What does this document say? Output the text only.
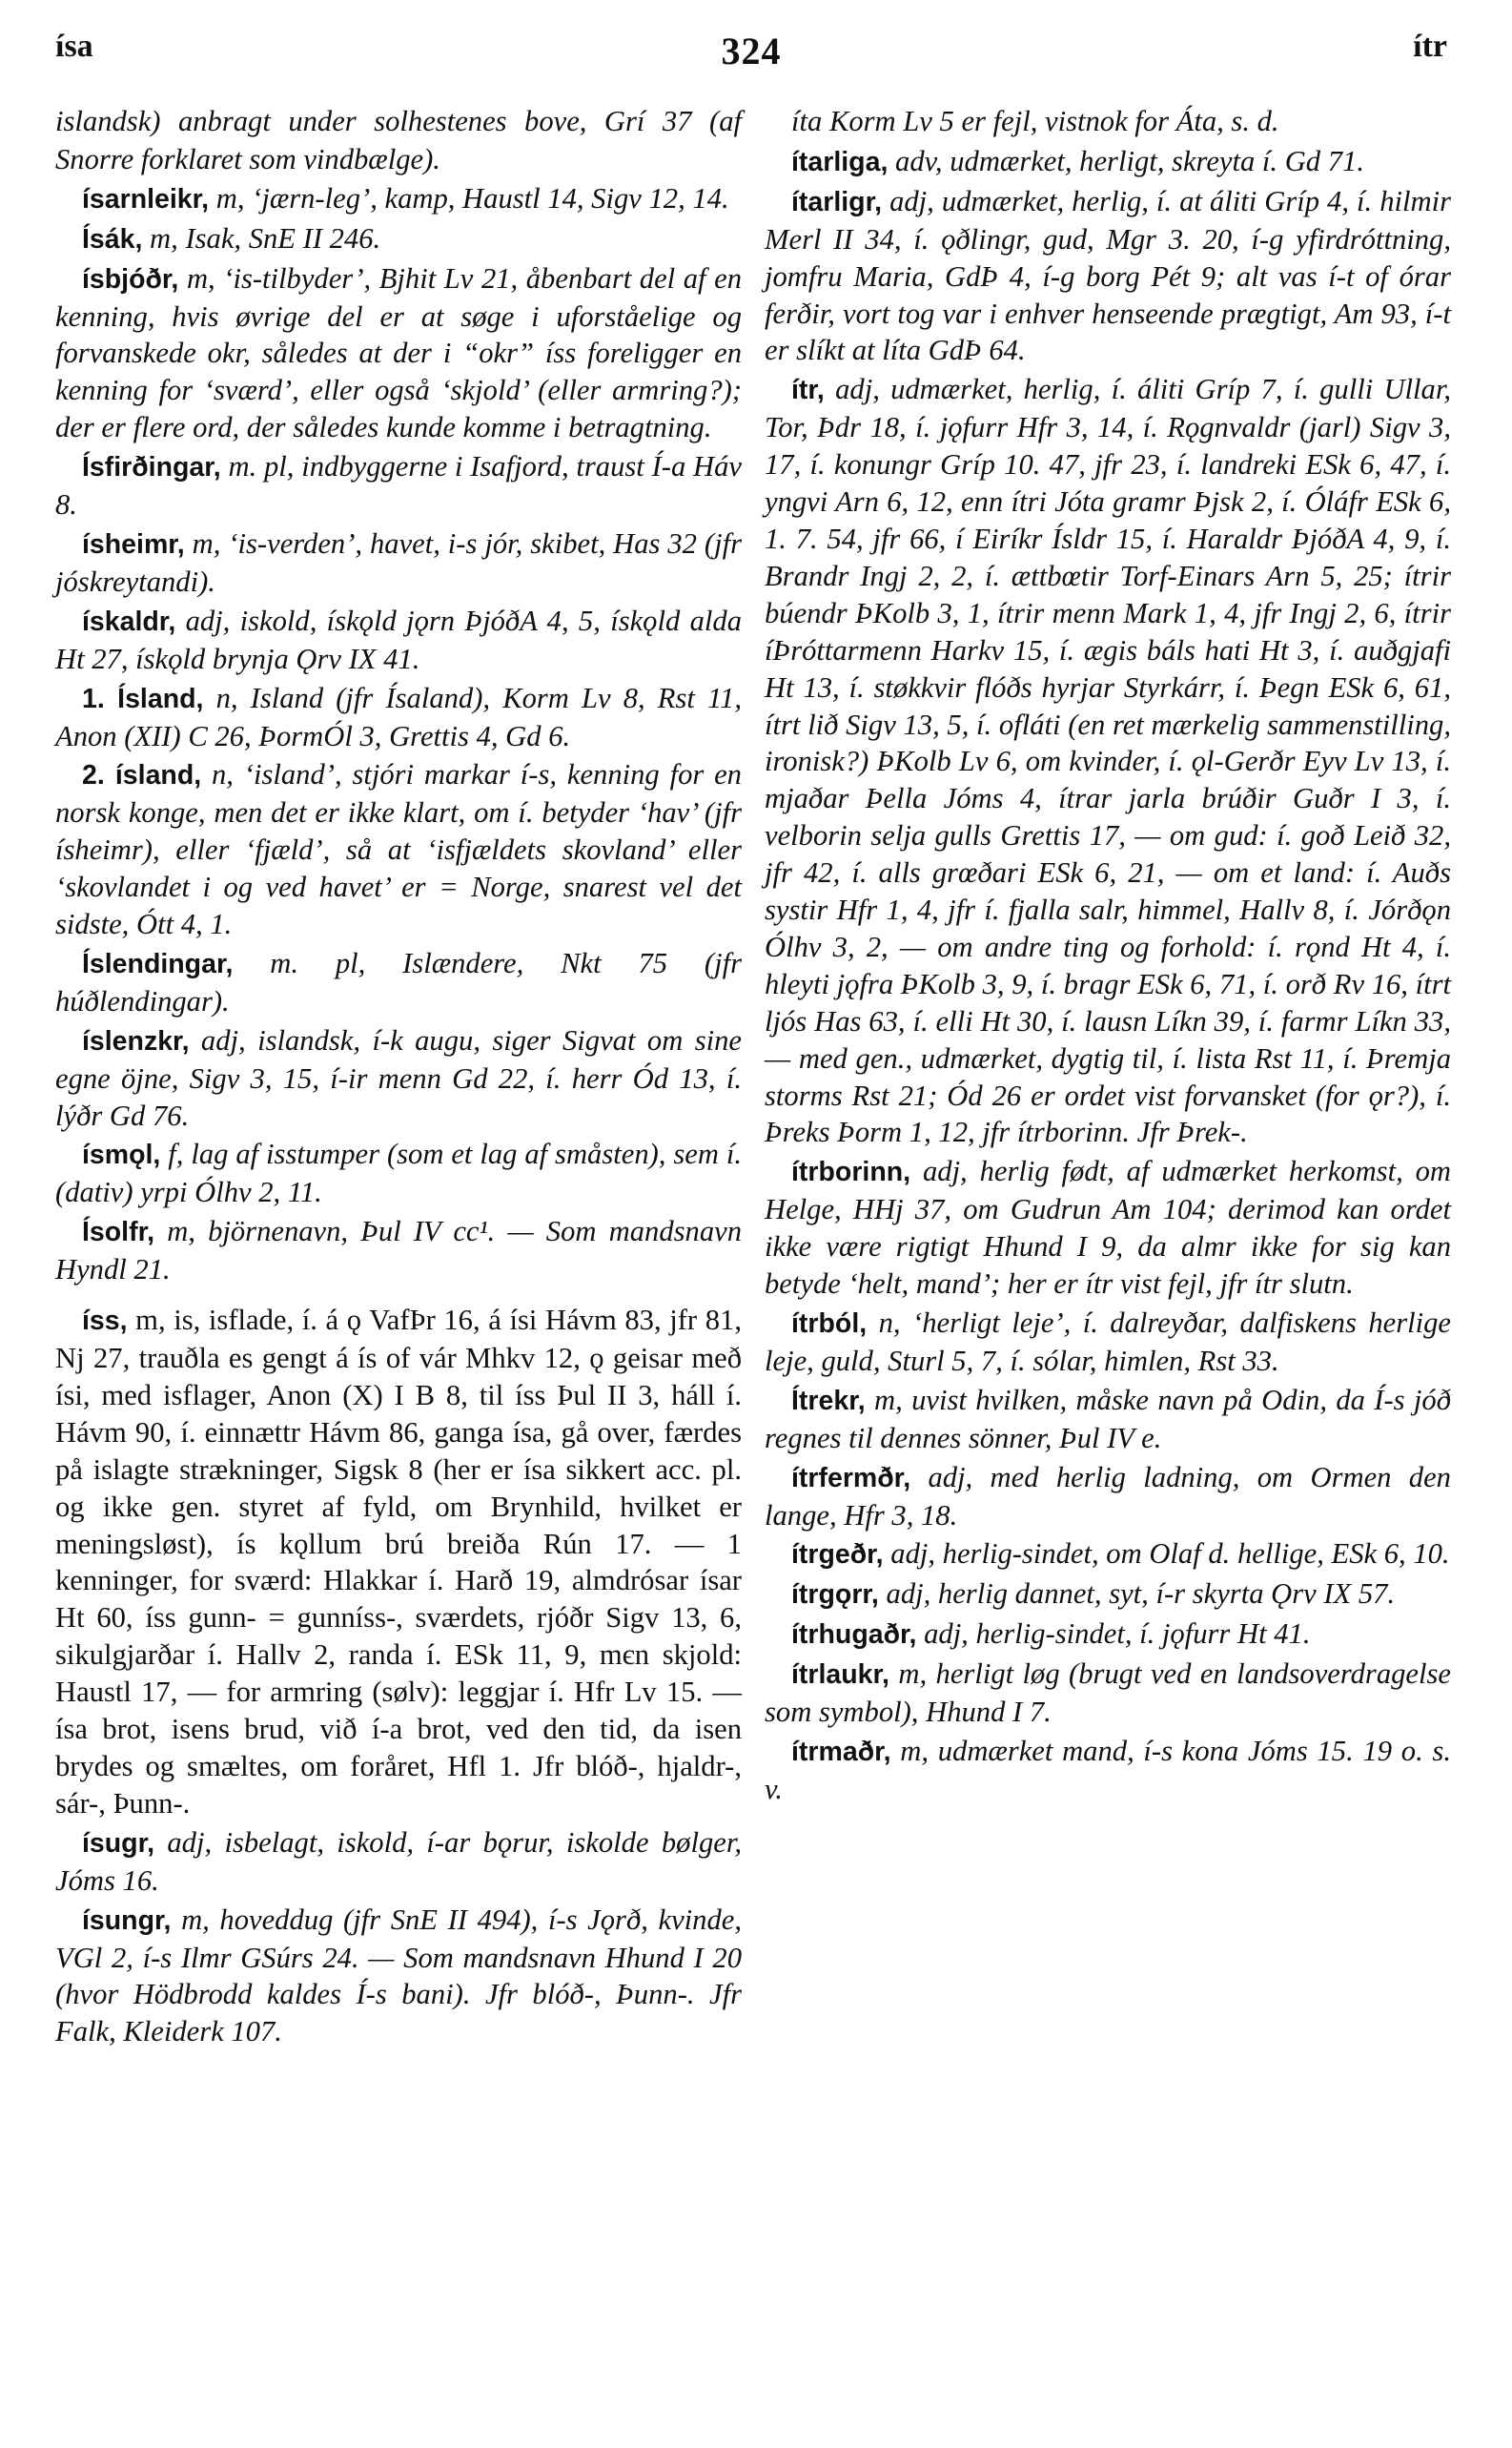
ísa	324	ítr

islandsk) anbragt under solhestenes bove, Grí 37 (af Snorre forklaret som vindbælge).

ísarnleikr, m, ʻjærn-leg’, kamp, Haustl 14, Sigv 12, 14.

Ísák, m, Isak, SnE II 246.

ísbjóðr, m, ʻis-tilbyder’, Bjhit Lv 21, åbenbart del af en kenning, hvis øvrige del er at søge i uforståelige og forvanskede okr, således at der i “okr” íss foreligger en kenning for ʻsværd’, eller også ʻskjold’ (eller armring?); der er flere ord, der således kunde komme i betragtning.

Ísfirðingar, m. pl, indbyggerne i Isafjord, traust Í-a Háv 8.

ísheimr, m, ʻis-verden’, havet, i-s jór, skibet, Has 32 (jfr jóskreytandi).

ískaldr, adj, iskold, ískǫld jǫrn ÞjóðA 4, 5, ískǫld alda Ht 27, ískǫld brynja Ǫrv IX 41.

1. Ísland, n, Island (jfr Ísaland), Korm Lv 8, Rst 11, Anon (XII) C 26, ÞormÓl 3, Grettis 4, Gd 6.

2. ísland, n, ʻisland’, stjóri markar í-s, kenning for en norsk konge, men det er ikke klart, om í. betyder ʻhav’ (jfr ísheimr), eller ʻfjæld’, så at ʻisfjældets skovland’ eller ʻskovlandet i og ved havet’ er = Norge, snarest vel det sidste, Ótt 4, 1.

Íslendingar, m. pl, Islændere, Nkt 75 (jfr húðlendingar).

íslenzkr, adj, islandsk, í-k augu, siger Sigvat om sine egne öjne, Sigv 3, 15, í-ir menn Gd 22, í. herr Ód 13, í. lýðr Gd 76.

ísmǫl, f, lag af isstumper (som et lag af småsten), sem í. (dativ) yrpi Ólhv 2, 11.

Ísolfr, m, björnenavn, Þul IV cc¹. — Som mandsnavn Hyndl 21.

íss, m, is, isflade, í. á ǫ VafÞr 16, á ísi Hávm 83, jfr 81, Nj 27, trauðla es gengt á ís of vár Mhkv 12, ǫ geisar með ísi, med isflager, Anon (X) I B 8, til íss Þul II 3, háll í. Hávm 90, í. einnættr Hávm 86, ganga ísa, gå over, færdes på islagte strækninger, Sigsk 8 (her er ísa sikkert acc. pl. og ikke gen. styret af fyld, om Brynhild, hvilket er meningsløst), ís kǫllum brú breiða Rún 17. — 1 kenninger, for sværd: Hlakkar í. Harð 19, almdrósar ísar Ht 60, íss gunn- = gunníss-, sværdets, rjóðr Sigv 13, 6, sikulgjarðar í. Hallv 2, randa í. ESk 11, 9, mєn skjold: Haustl 17, — for armring (sølv): leggjar í. Hfr Lv 15. — ísa brot, isens brud, við í-a brot, ved den tid, da isen brydes og smæltes, om foråret, Hfl 1. Jfr blóð-, hjaldr-, sár-, Þunn-.

ísugr, adj, isbelagt, iskold, í-ar bǫrur, iskolde bølger, Jóms 16.

ísungr, m, hoveddug (jfr SnE II 494), í-s Jǫrð, kvinde, VGl 2, í-s Ilmr GSúrs 24. — Som mandsnavn Hhund I 20 (hvor Hödbrodd kaldes Í-s bani). Jfr blóð-, Þunn-. Jfr Falk, Kleiderk 107.

íta Korm Lv 5 er fejl, vistnok for Áta, s. d.

ítarliga, adv, udmærket, herligt, skreyta í. Gd 71.

ítarligr, adj, udmærket, herlig, í. at áliti Gríp 4, í. hilmir Merl II 34, í. ǫðlingr, gud, Mgr 3. 20, í-g yfirdróttning, jomfru Maria, GdÞ 4, í-g borg Pét 9; alt vas í-t of órar ferðir, vort tog var i enhver henseende prægtigt, Am 93, í-t er slíkt at líta GdÞ 64.

ítr, adj, udmærket, herlig, í. áliti Gríp 7, í. gulli Ullar, Tor, Þdr 18, í. jǫfurr Hfr 3, 14, í. Rǫgnvaldr (jarl) Sigv 3, 17, í. konungr Gríp 10. 47, jfr 23, í. landreki ESk 6, 47, í. yngvi Arn 6, 12, enn ítri Jóta gramr Þjsk 2, í. Óláfr ESk 6, 1. 7. 54, jfr 66, í Eiríkr Ísldr 15, í. Haraldr ÞjóðA 4, 9, í. Brandr Ingj 2, 2, í. ættbœtir Torf-Einars Arn 5, 25; ítrir búendr ÞKolb 3, 1, ítrir menn Mark 1, 4, jfr Ingj 2, 6, ítrir íÞróttarmenn Harkv 15, í. ægis báls hati Ht 3, í. auðgjafi Ht 13, í. støkkvir flóðs hyrjar Styrkárr, í. Þegn ESk 6, 61, ítrt lið Sigv 13, 5, í. ofláti (en ret mærkelig sammenstilling, ironisk?) ÞKolb Lv 6, om kvinder, í. ǫl-Gerðr Eyv Lv 13, í. mjaðar Þella Jóms 4, ítrar jarla brúðir Guðr I 3, í. velborin selja gulls Grettis 17, — om gud: í. goð Leið 32, jfr 42, í. alls grœðari ESk 6, 21, — om et land: í. Auðs systir Hfr 1, 4, jfr í. fjalla salr, himmel, Hallv 8, í. Jórðǫn Ólhv 3, 2, — om andre ting og forhold: í. rǫnd Ht 4, í. hleyti jǫfra ÞKolb 3, 9, í. bragr ESk 6, 71, í. orð Rv 16, ítrt ljós Has 63, í. elli Ht 30, í. lausn Líkn 39, í. farmr Líkn 33, — med gen., udmærket, dygtig til, í. lista Rst 11, í. Þremja storms Rst 21; Ód 26 er ordet vist forvansket (for ǫr?), í. Þreks Þorm 1, 12, jfr ítrborinn. Jfr Þrek-.

ítrborinn, adj, herlig født, af udmærket herkomst, om Helge, HHj 37, om Gudrun Am 104; derimod kan ordet ikke være rigtigt Hhund I 9, da almr ikke for sig kan betyde ʻhelt, mand’; her er ítr vist fejl, jfr ítr slutn.

ítrból, n, ʻherligt leje’, í. dalreyðar, dalfiskens herlige leje, guld, Sturl 5, 7, í. sólar, himlen, Rst 33.

Ítrekr, m, uvist hvilken, måske navn på Odin, da Í-s jóð regnes til dennes sönner, Þul IV e.

ítrfermðr, adj, med herlig ladning, om Ormen den lange, Hfr 3, 18.

ítrgeðr, adj, herlig-sindet, om Olaf d. hellige, ESk 6, 10.

ítrgǫrr, adj, herlig dannet, syt, í-r skyrta Ǫrv IX 57.

ítrhugaðr, adj, herlig-sindet, í. jǫfurr Ht 41.

ítrlaukr, m, herligt løg (brugt ved en landsoverdragelse som symbol), Hhund I 7.

ítrmaðr, m, udmærket mand, í-s kona Jóms 15. 19 o. s. v.
